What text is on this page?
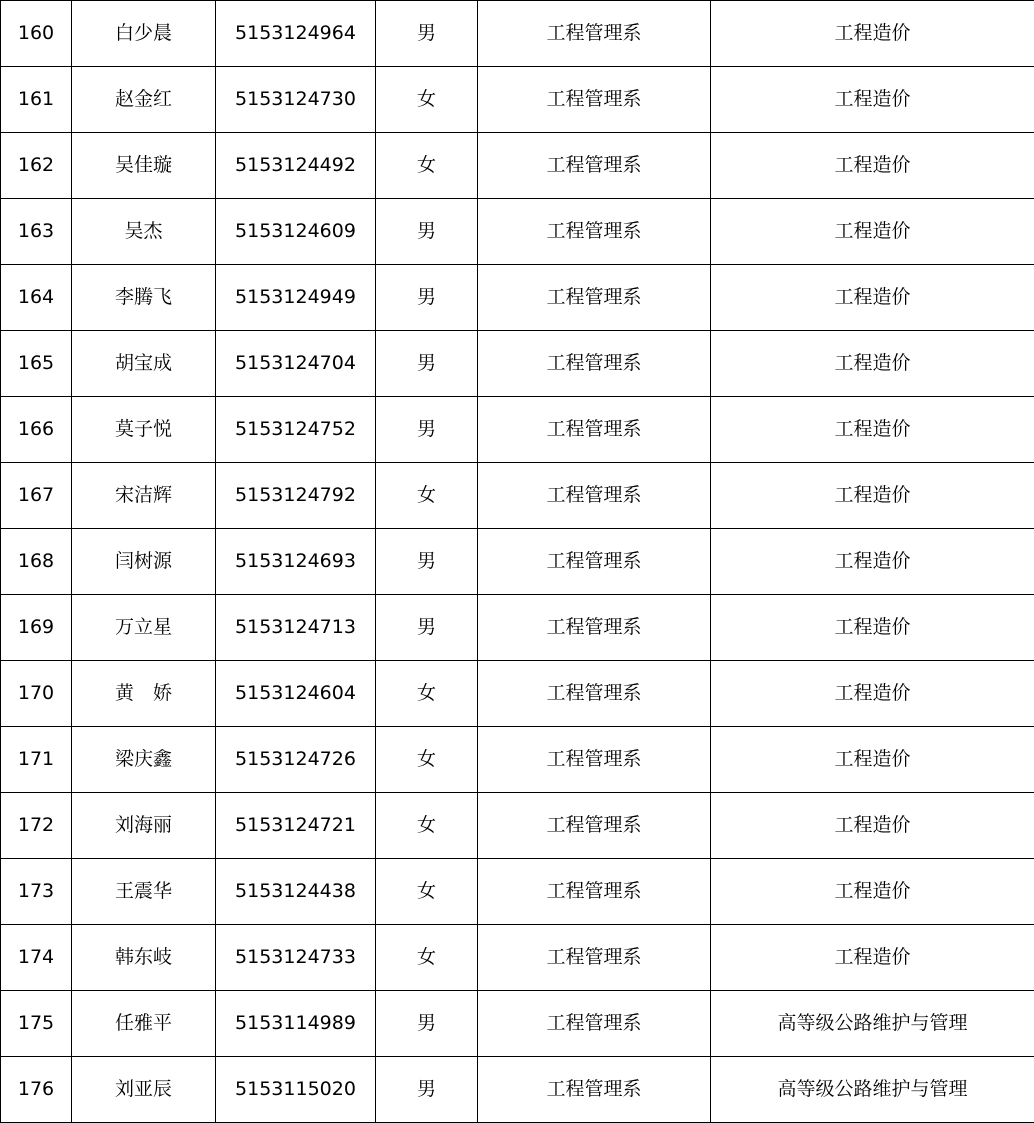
160	白少晨	5153124964	男	工程管理系	工程造价
161	赵金红	5153124730	女	工程管理系	工程造价
162	吴佳璇	5153124492	女	工程管理系	工程造价
163	吴杰	5153124609	男	工程管理系	工程造价
164	李腾飞	5153124949	男	工程管理系	工程造价
165	胡宝成	5153124704	男	工程管理系	工程造价
166	莫子悦	5153124752	男	工程管理系	工程造价
167	宋洁辉	5153124792	女	工程管理系	工程造价
168	闫树源	5153124693	男	工程管理系	工程造价
169	万立星	5153124713	男	工程管理系	工程造价
170	黄　娇	5153124604	女	工程管理系	工程造价
171	梁庆鑫	5153124726	女	工程管理系	工程造价
172	刘海丽	5153124721	女	工程管理系	工程造价
173	王震华	5153124438	女	工程管理系	工程造价
174	韩东岐	5153124733	女	工程管理系	工程造价
175	任雅平	5153114989	男	工程管理系	高等级公路维护与管理
176	刘亚辰	5153115020	男	工程管理系	高等级公路维护与管理
